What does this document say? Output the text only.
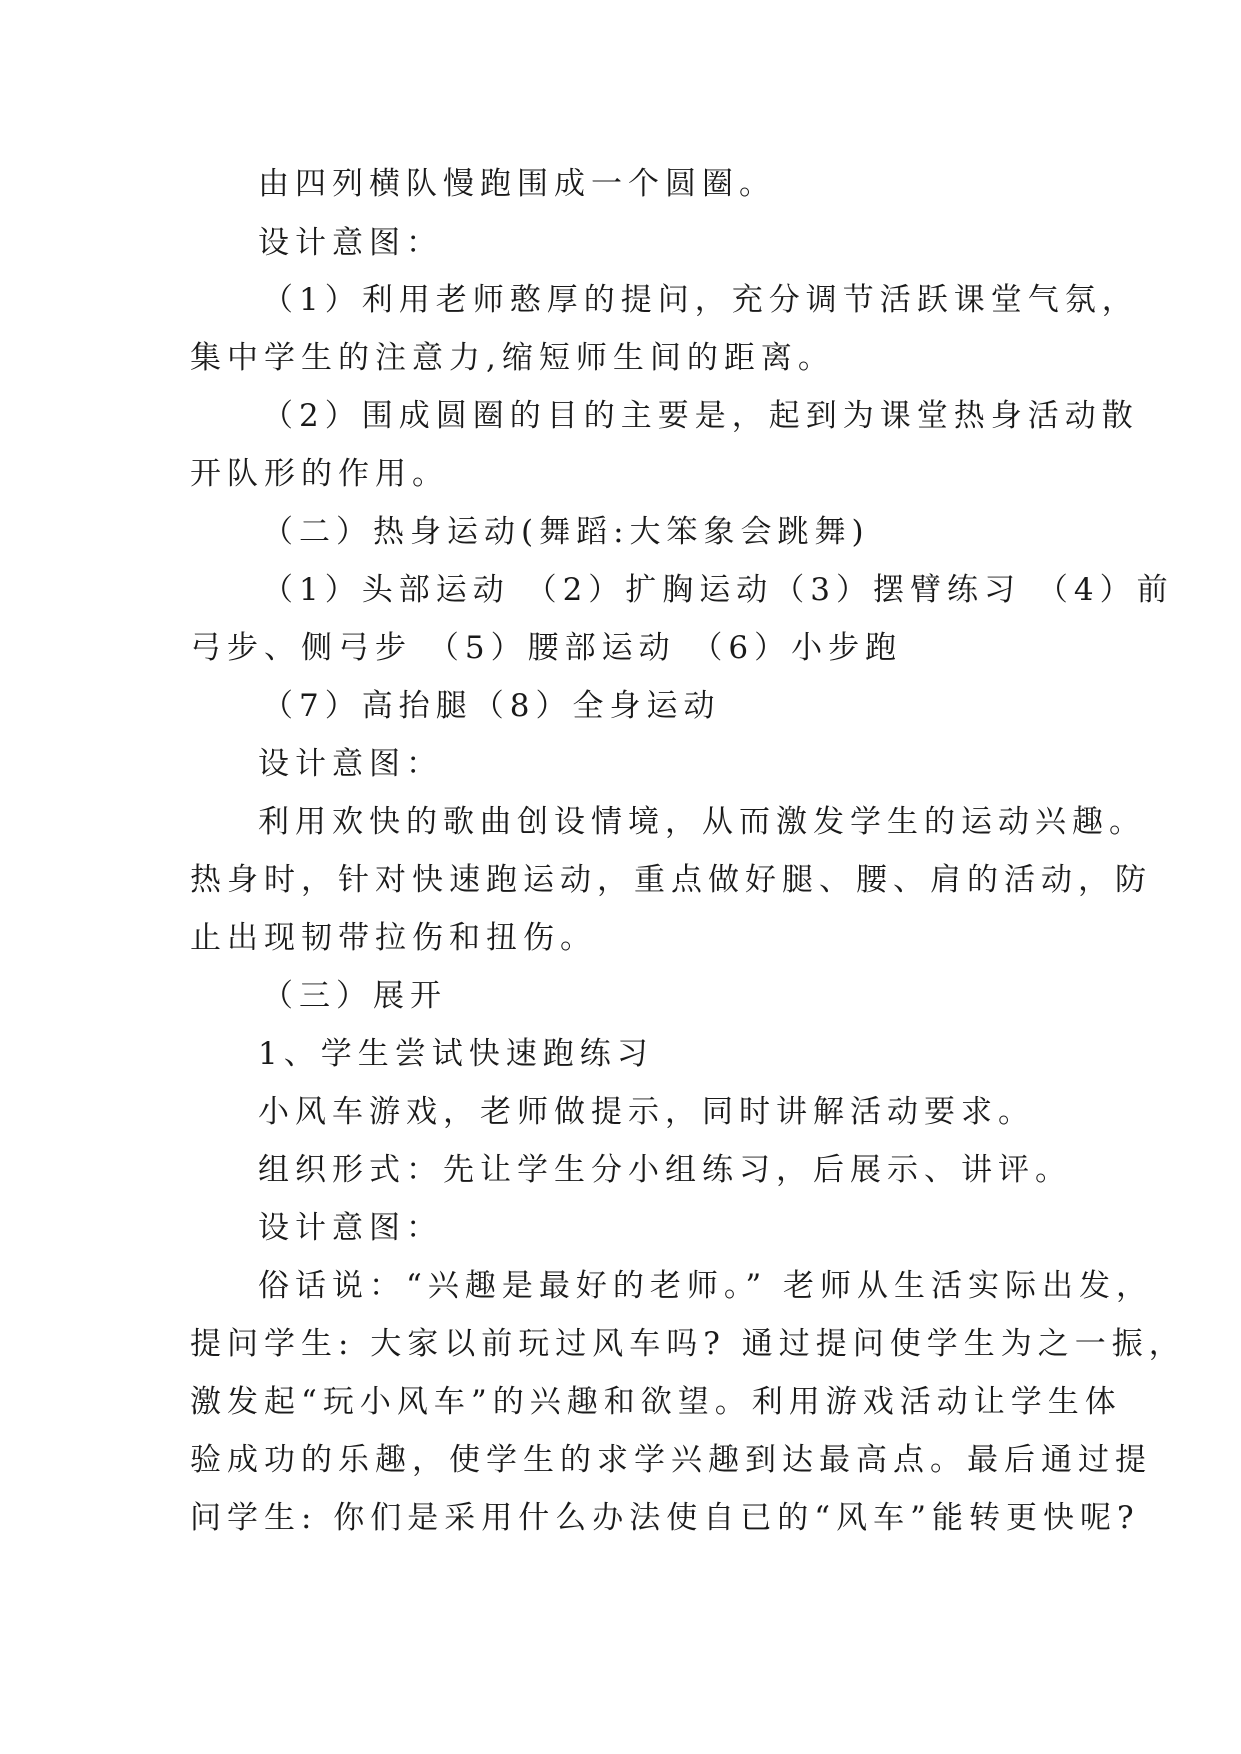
由四列横队慢跑围成一个圆圈。
设计意图：
（1）利用老师憨厚的提问，充分调节活跃课堂气氛，
集中学生的注意力,缩短师生间的距离。
（2）围成圆圈的目的主要是，起到为课堂热身活动散
开队形的作用。
（二）热身运动(舞蹈:大笨象会跳舞)
（1）头部运动 （2）扩胸运动（3）摆臂练习 （4）前
弓步、侧弓步 （5）腰部运动 （6）小步跑
（7）高抬腿（8）全身运动
设计意图：
利用欢快的歌曲创设情境，从而激发学生的运动兴趣。
热身时，针对快速跑运动，重点做好腿、腰、肩的活动，防
止出现韧带拉伤和扭伤。
（三）展开
1、学生尝试快速跑练习
小风车游戏，老师做提示，同时讲解活动要求。
组织形式：先让学生分小组练习，后展示、讲评。
设计意图：
俗话说：“兴趣是最好的老师。” 老师从生活实际出发，
提问学生: 大家以前玩过风车吗? 通过提问使学生为之一振，
激发起“玩小风车”的兴趣和欲望。利用游戏活动让学生体
验成功的乐趣，使学生的求学兴趣到达最高点。最后通过提
问学生: 你们是采用什么办法使自已的“风车”能转更快呢?
